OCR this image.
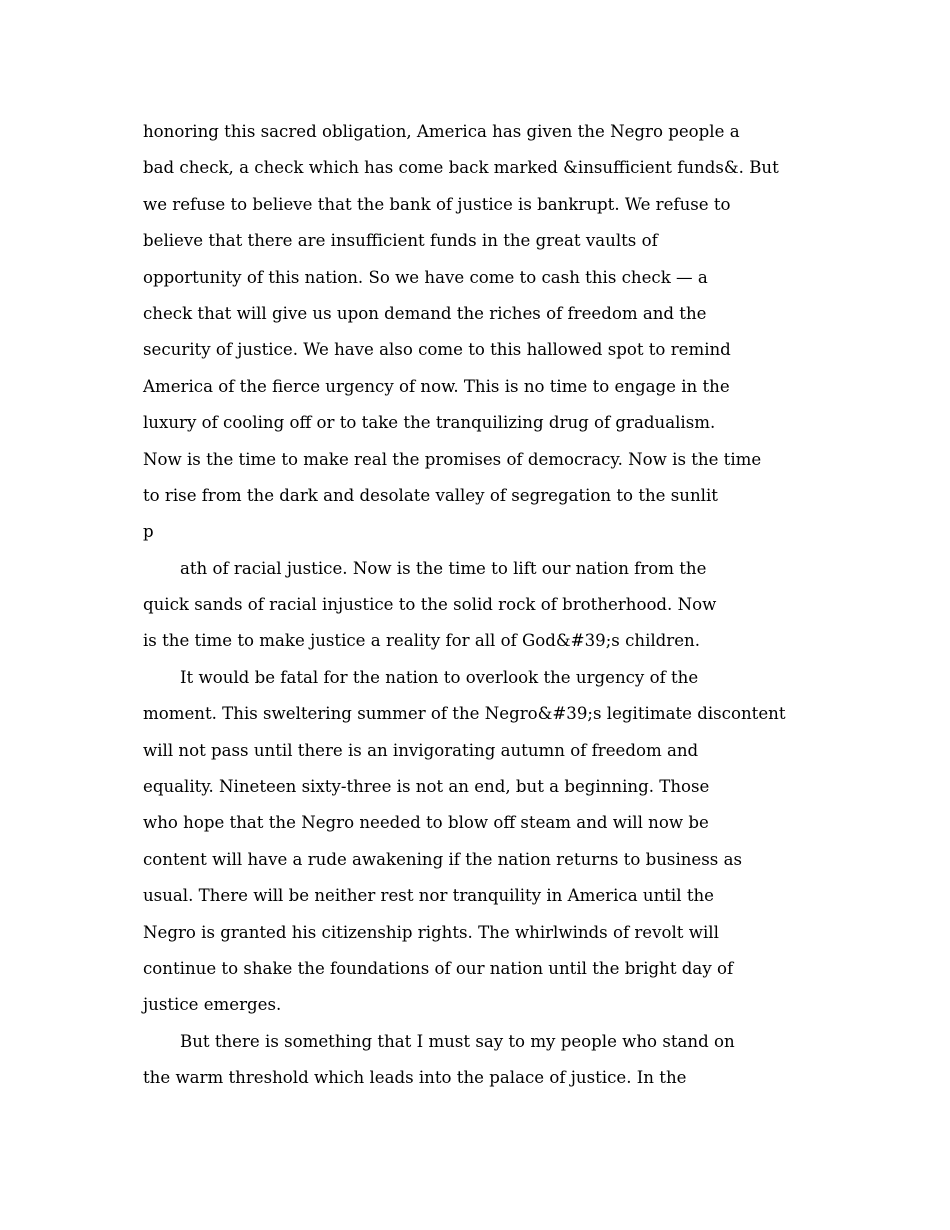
honoring this sacred obligation, America has given the Negro people a
bad check, a check which has come back marked &insufficient funds&. But
we refuse to believe that the bank of justice is bankrupt. We refuse to
believe that there are insufficient funds in the great vaults of
opportunity of this nation. So we have come to cash this check — a
check that will give us upon demand the riches of freedom and the
security of justice. We have also come to this hallowed spot to remind
America of the fierce urgency of now. This is no time to engage in the
luxury of cooling off or to take the tranquilizing drug of gradualism.
Now is the time to make real the promises of democracy. Now is the time
to rise from the dark and desolate valley of segregation to the sunlit
p
ath of racial justice. Now is the time to lift our nation from the
quick sands of racial injustice to the solid rock of brotherhood. Now
is the time to make justice a reality for all of God&#39;s children.
It would be fatal for the nation to overlook the urgency of the
moment. This sweltering summer of the Negro&#39;s legitimate discontent
will not pass until there is an invigorating autumn of freedom and
equality. Nineteen sixty-three is not an end, but a beginning. Those
who hope that the Negro needed to blow off steam and will now be
content will have a rude awakening if the nation returns to business as
usual. There will be neither rest nor tranquility in America until the
Negro is granted his citizenship rights. The whirlwinds of revolt will
continue to shake the foundations of our nation until the bright day of
justice emerges.
But there is something that I must say to my people who stand on
the warm threshold which leads into the palace of justice. In the
